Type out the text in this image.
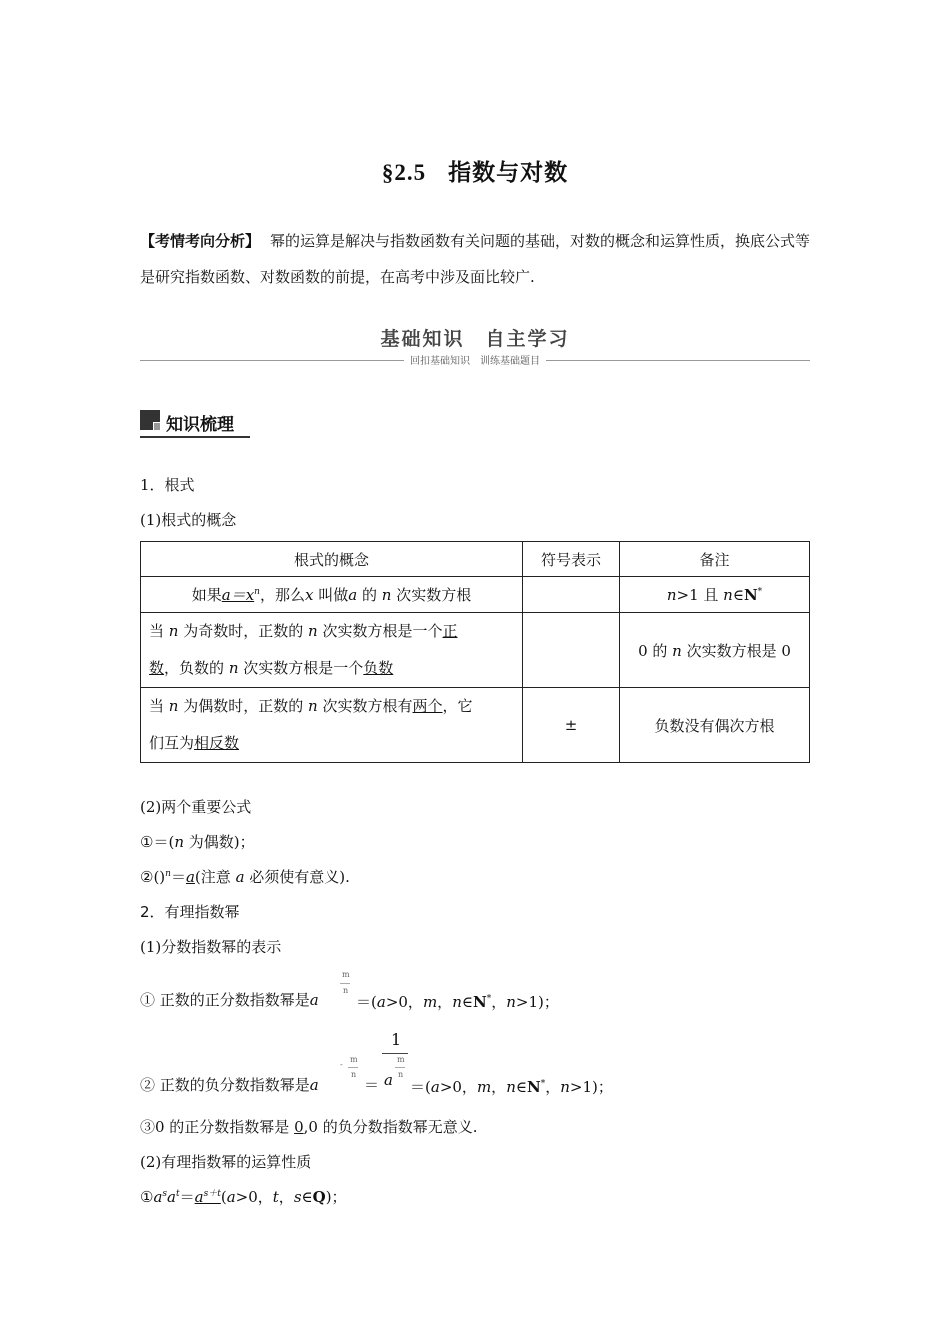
§2.5 指数与对数
【考情考向分析】 幂的运算是解决与指数函数有关问题的基础，对数的概念和运算性质，换底公式等是研究指数函数、对数函数的前提，在高考中涉及面比较广.
基础知识　自主学习
回扣基础知识　训练基础题目
知识梳理
1．根式
(1)根式的概念
根式的概念	符号表示	备注
如果$a=x^n$，那么x 叫做a 的 n 次实数方根		n>1 且 n∈N*
当 n 为奇数时，正数的 n 次实数方根是一个正
数，负数的 n 次实数方根是一个负数		0 的 n 次实数方根是 0
当 n 为偶数时，正数的 n 次实数方根有两个，它
们互为相反数	±	负数没有偶次方根
(2)两个重要公式
①＝(n 为偶数)；
②()$^n$＝a(注意 a 必须使有意义).
2．有理指数幂
(1)分数指数幂的表示
① 正数的正分数指数幂是a
m
n
＝(a>0，m，n∈N*，n>1)；
② 正数的负分数指数幂是a
-
m
n
＝
1
a
m
n
＝(a>0，m，n∈N*，n>1)；
③0 的正分数指数幂是 0,0 的负分数指数幂无意义.
(2)有理指数幂的运算性质
$①a^sa^t=a^{s+t}(a>0$，t，s∈Q)；
